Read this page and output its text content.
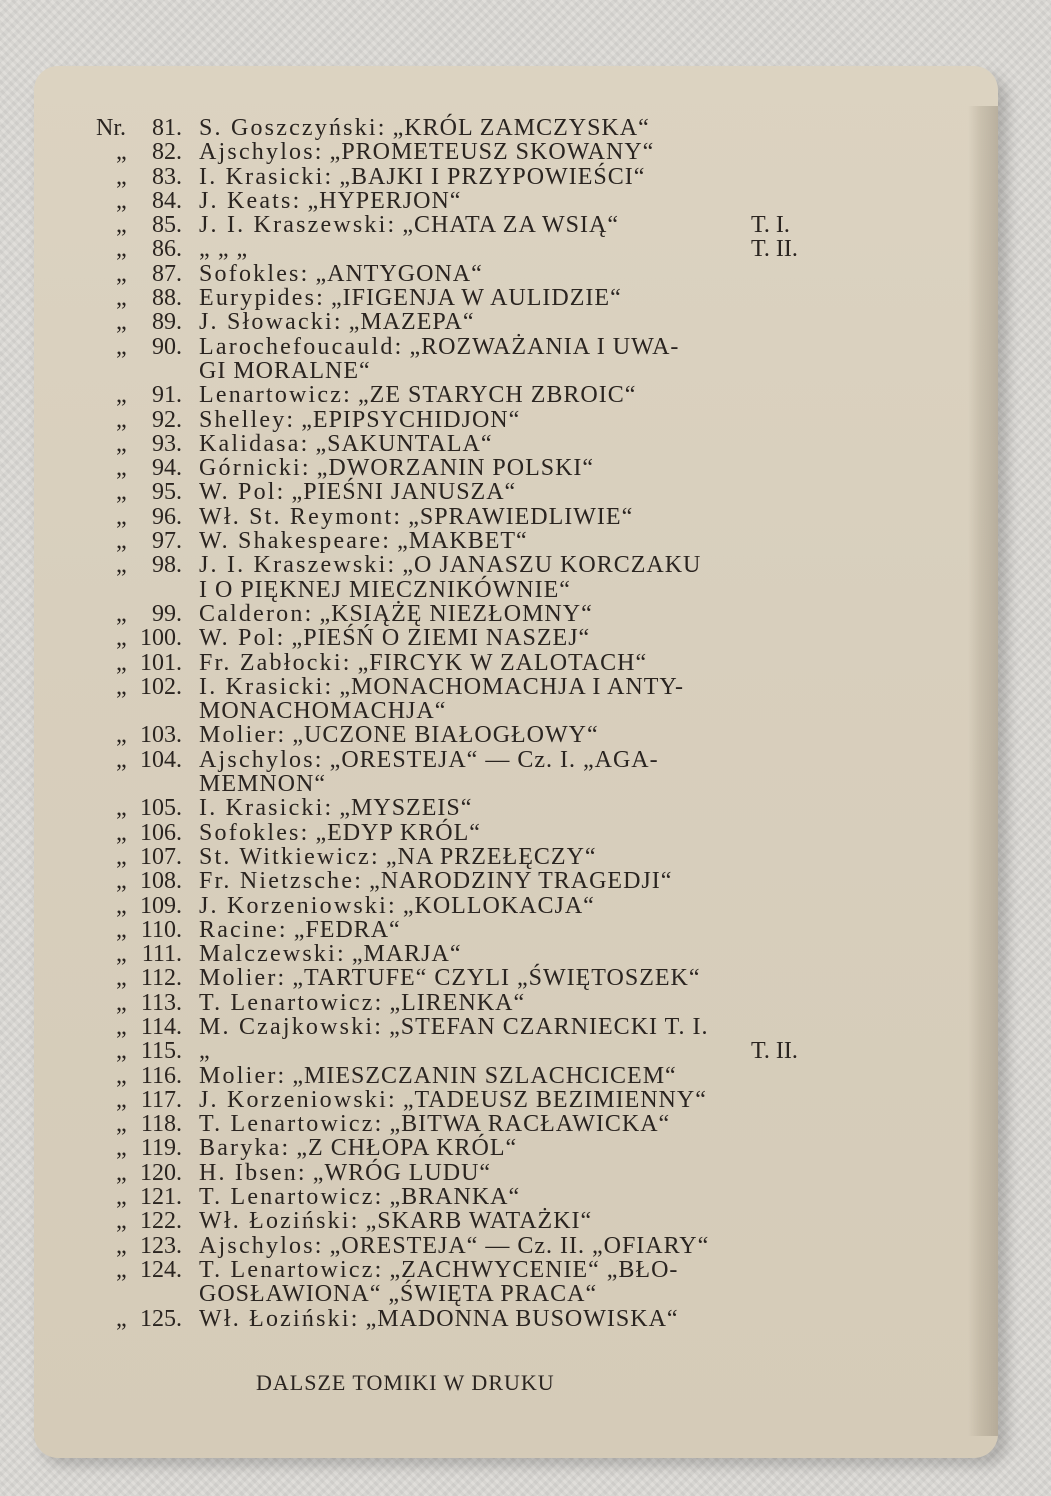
Nr.	81. S. Goszczyński: „KRÓL ZAMCZYSKA“
„	82. Ajschylos: „PROMETEUSZ SKOWANY“
„	83. I. Krasicki: „BAJKI I PRZYPOWIEŚCI“
„	84. J. Keats: „HYPERJON“
„	85. J. I. Kraszewski: „CHATA ZA WSIĄ“	T. I.
„	86. „ „ „	T. II.
„	87. Sofokles: „ANTYGONA“
„	88. Eurypides: „IFIGENJA W AULIDZIE“
„	89. J. Słowacki: „MAZEPA“
„	90. Larochefoucauld: „ROZWAŻANIA I UWA-
GI MORALNE“
„	91. Lenartowicz: „ZE STARYCH ZBROIC“
„	92. Shelley: „EPIPSYCHIDJON“
„	93. Kalidasa: „SAKUNTALA“
„	94. Górnicki: „DWORZANIN POLSKI“
„	95. W. Pol: „PIEŚNI JANUSZA“
„	96. Wł. St. Reymont: „SPRAWIEDLIWIE“
„	97. W. Shakespeare: „MAKBET“
„	98. J. I. Kraszewski: „O JANASZU KORCZAKU
I O PIĘKNEJ MIECZNIKÓWNIE“
„	99. Calderon: „KSIĄŻĘ NIEZŁOMNY“
„ 100. W. Pol: „PIEŚŃ O ZIEMI NASZEJ“
„ 101. Fr. Zabłocki: „FIRCYK W ZALOTACH“
„ 102. I. Krasicki: „MONACHOMACHJA I ANTY-
MONACHOMACHJA“
„ 103. Molier: „UCZONE BIAŁOGŁOWY“
„ 104. Ajschylos: „ORESTEJA“ — Cz. I. „AGA-
MEMNON“
„ 105. I. Krasicki: „MYSZEIS“
„ 106. Sofokles: „EDYP KRÓL“
„ 107. St. Witkiewicz: „NA PRZEŁĘCZY“
„ 108. Fr. Nietzsche: „NARODZINY TRAGEDJI“
„ 109. J. Korzeniowski: „KOLLOKACJA“
„ 110. Racine: „FEDRA“
„ 111. Malczewski: „MARJA“
„ 112. Molier: „TARTUFE“ CZYLI „ŚWIĘTOSZEK“
„ 113. T. Lenartowicz: „LIRENKA“
„ 114. M. Czajkowski: „STEFAN CZARNIECKI T. I.
„ 115. „	T. II.
„ 116. Molier: „MIESZCZANIN SZLACHCICEM“
„ 117. J. Korzeniowski: „TADEUSZ BEZIMIENNY“
„ 118. T. Lenartowicz: „BITWA RACŁAWICKA“
„ 119. Baryka: „Z CHŁOPA KRÓL“
„ 120. H. Ibsen: „WRÓG LUDU“
„ 121. T. Lenartowicz: „BRANKA“
„ 122. Wł. Łoziński: „SKARB WATAŻKI“
„ 123. Ajschylos: „ORESTEJA“ — Cz. II. „OFIARY“
„ 124. T. Lenartowicz: „ZACHWYCENIE“ „BŁO-
GOSŁAWIONA“ „ŚWIĘTA PRACA“
„ 125. Wł. Łoziński: „MADONNA BUSOWISKA“
DALSZE TOMIKI W DRUKU
